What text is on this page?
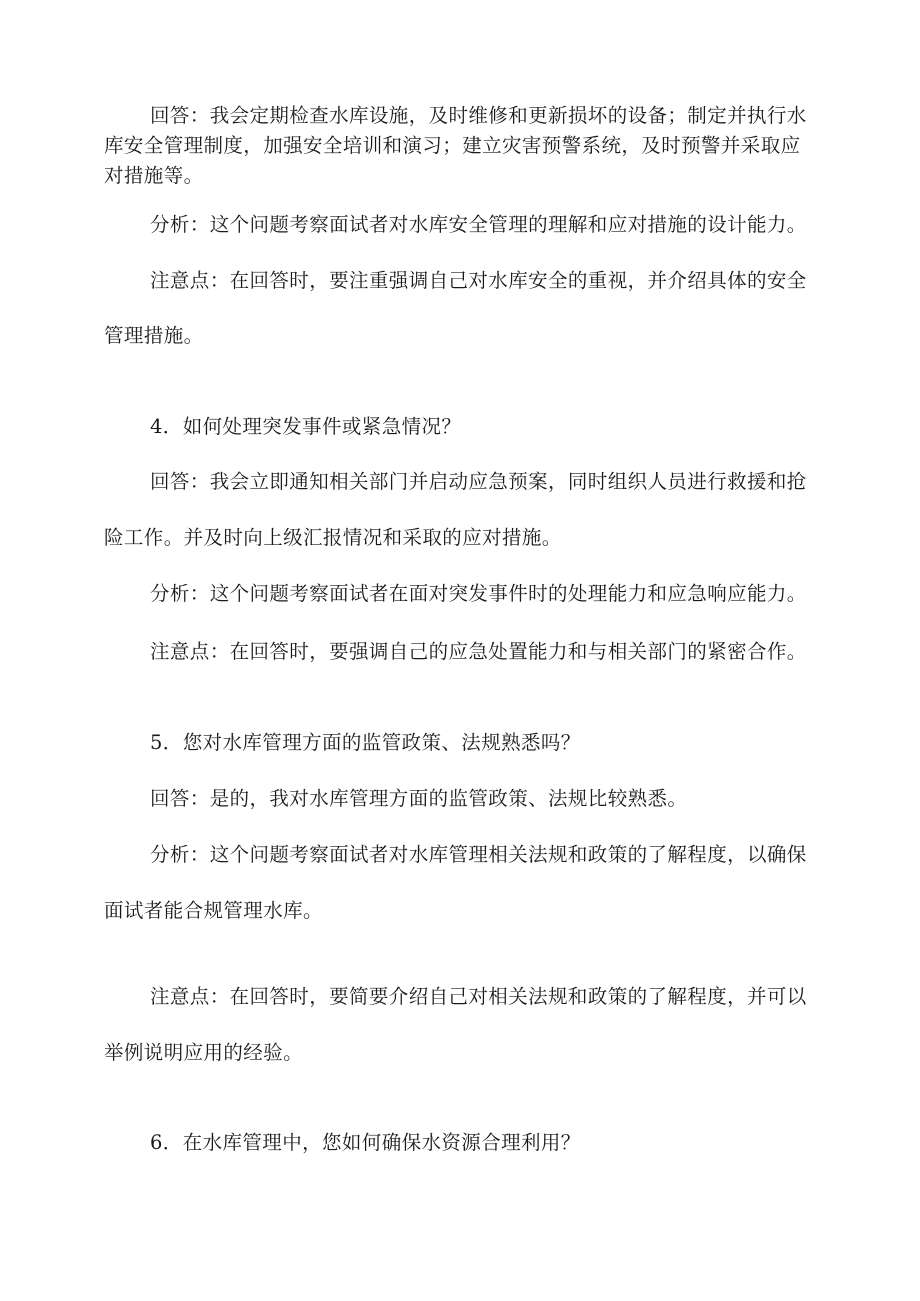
回答：我会定期检查水库设施，及时维修和更新损坏的设备；制定并执行水

库安全管理制度，加强安全培训和演习；建立灾害预警系统，及时预警并采取应

对措施等。

分析：这个问题考察面试者对水库安全管理的理解和应对措施的设计能力。

注意点：在回答时，要注重强调自己对水库安全的重视，并介绍具体的安全

管理措施。

4．如何处理突发事件或紧急情况？

回答：我会立即通知相关部门并启动应急预案，同时组织人员进行救援和抢

险工作。并及时向上级汇报情况和采取的应对措施。

分析：这个问题考察面试者在面对突发事件时的处理能力和应急响应能力。

注意点：在回答时，要强调自己的应急处置能力和与相关部门的紧密合作。

5．您对水库管理方面的监管政策、法规熟悉吗？

回答：是的，我对水库管理方面的监管政策、法规比较熟悉。

分析：这个问题考察面试者对水库管理相关法规和政策的了解程度，以确保

面试者能合规管理水库。

注意点：在回答时，要简要介绍自己对相关法规和政策的了解程度，并可以

举例说明应用的经验。

6．在水库管理中，您如何确保水资源合理利用？
